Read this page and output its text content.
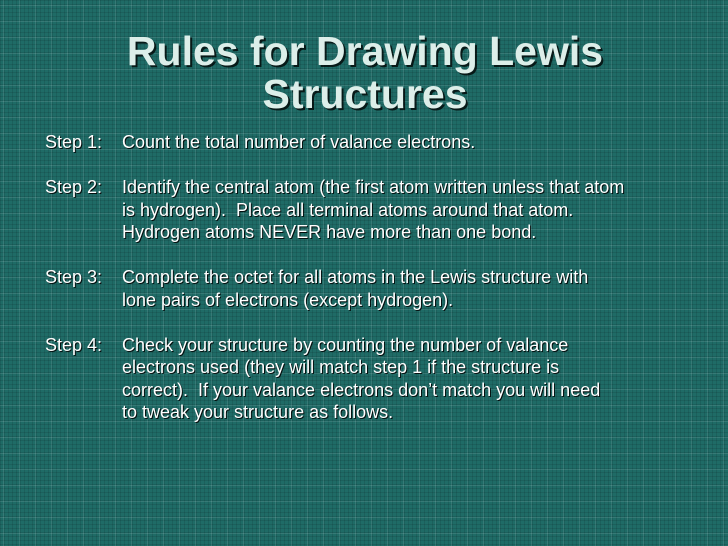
Rules for Drawing Lewis
Structures
Step 1:	Count the total number of valance electrons.
Step 2:	Identify the central atom (the first atom written unless that atom
is hydrogen).  Place all terminal atoms around that atom.
Hydrogen atoms NEVER have more than one bond.
Step 3:	Complete the octet for all atoms in the Lewis structure with
lone pairs of electrons (except hydrogen).
Step 4:	Check your structure by counting the number of valance
electrons used (they will match step 1 if the structure is
correct).  If your valance electrons don’t match you will need
to tweak your structure as follows.
